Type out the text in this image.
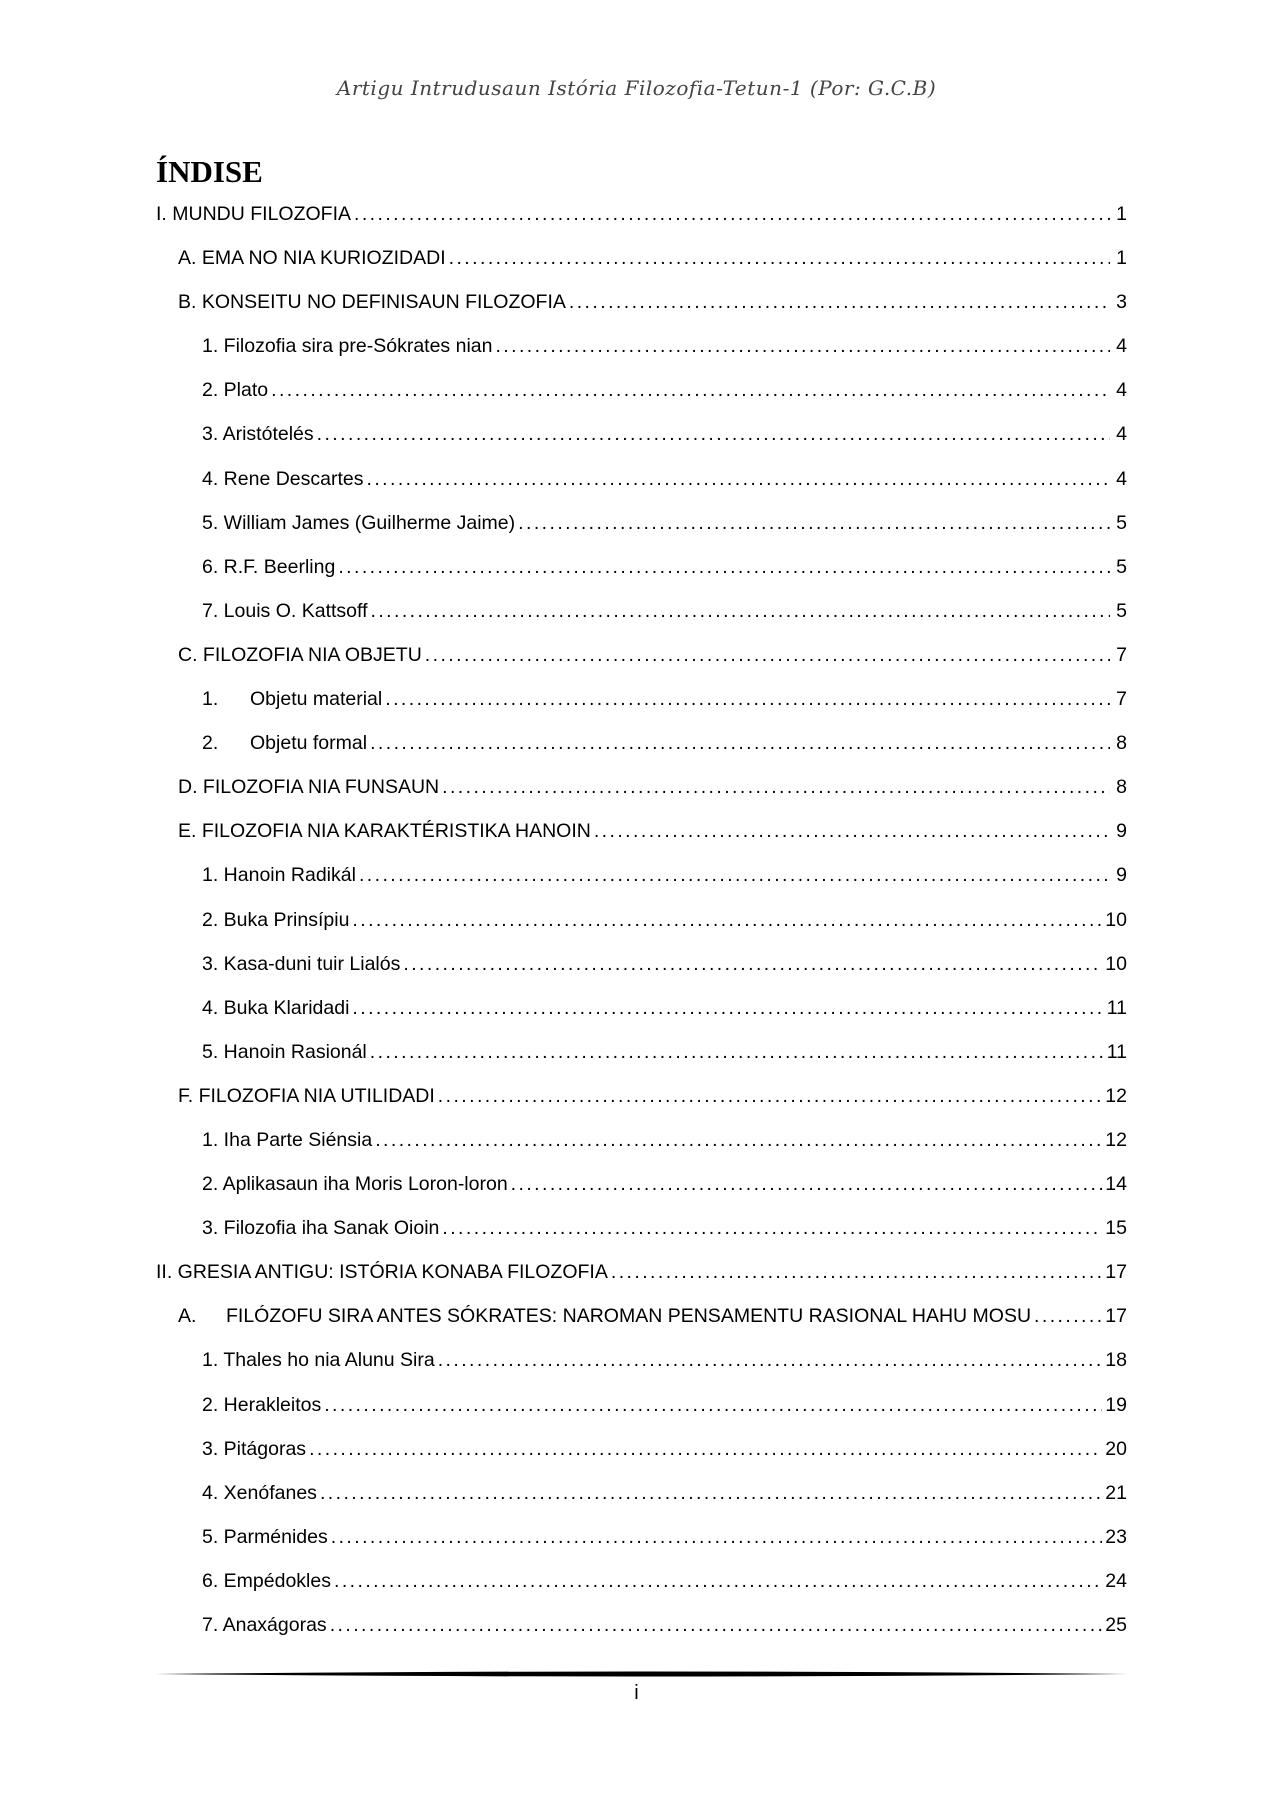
Artigu Intrudusaun Istória Filozofia-Tetun-1 (Por: G.C.B)
ÍNDISE
I. MUNDU FILOZOFIA . . .	1
A. EMA NO NIA KURIOZIDADI . . .	1
B. KONSEITU NO DEFINISAUN FILOZOFIA . . .	3
1. Filozofia sira pre-Sókrates nian . . .	4
2. Plato . . .	4
3. Aristótelés . . .	4
4. Rene Descartes . . .	4
5. William James (Guilherme Jaime) . . .	5
6. R.F. Beerling . . .	5
7. Louis O. Kattsoff . . .	5
C. FILOZOFIA NIA OBJETU . . .	7
1. Objetu material . . .	7
2. Objetu formal . . .	8
D. FILOZOFIA NIA FUNSAUN . . .	8
E. FILOZOFIA NIA KARAKTÉRISTIKA HANOIN . . .	9
1. Hanoin Radikál . . .	9
2. Buka Prinsípiu . . .	10
3. Kasa-duni tuir Lialós . . .	10
4. Buka Klaridadi . . .	11
5. Hanoin Rasionál . . .	11
F. FILOZOFIA NIA UTILIDADI . . .	12
1. Iha Parte Siénsia . . .	12
2. Aplikasaun iha Moris Loron-loron . . .	14
3. Filozofia iha Sanak Oioin . . .	15
II. GRESIA ANTIGU: ISTÓRIA KONABA FILOZOFIA . . .	17
A. FILÓZOFU SIRA ANTES SÓKRATES: NAROMAN PENSAMENTU RASIONAL HAHU MOSU . . .	17
1. Thales ho nia Alunu Sira . . .	18
2. Herakleitos . . .	19
3. Pitágoras . . .	20
4. Xenófanes . . .	21
5. Parménides . . .	23
6. Empédokles . . .	24
7. Anaxágoras . . .	25
i
